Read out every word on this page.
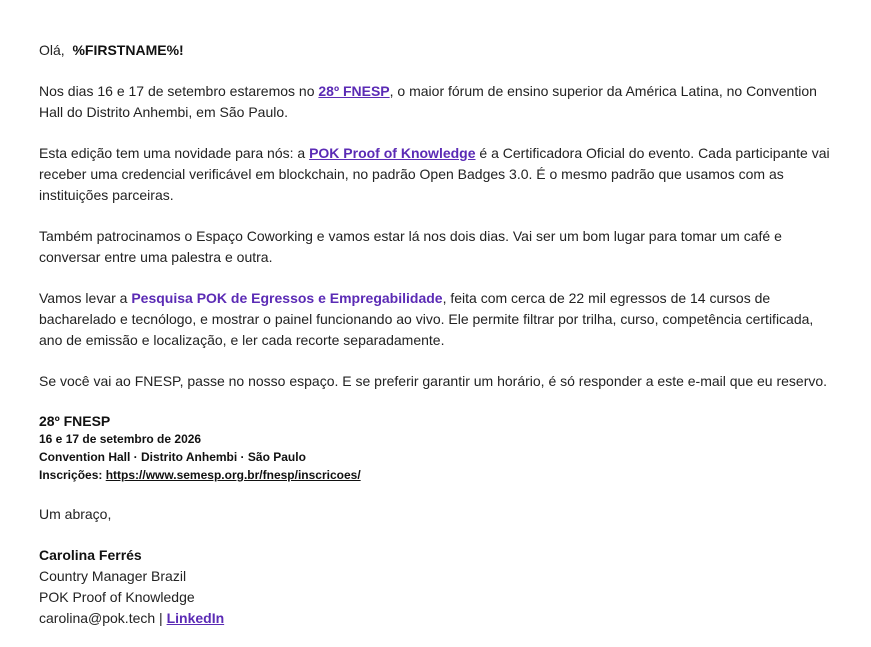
Olá, %FIRSTNAME%!

Nos dias 16 e 17 de setembro estaremos no 28º FNESP, o maior fórum de ensino superior da América Latina, no Convention Hall do Distrito Anhembi, em São Paulo.

Esta edição tem uma novidade para nós: a POK Proof of Knowledge é a Certificadora Oficial do evento. Cada participante vai receber uma credencial verificável em blockchain, no padrão Open Badges 3.0. É o mesmo padrão que usamos com as instituições parceiras.

Também patrocinamos o Espaço Coworking e vamos estar lá nos dois dias. Vai ser um bom lugar para tomar um café e conversar entre uma palestra e outra.

Vamos levar a Pesquisa POK de Egressos e Empregabilidade, feita com cerca de 22 mil egressos de 14 cursos de bacharelado e tecnólogo, e mostrar o painel funcionando ao vivo. Ele permite filtrar por trilha, curso, competência certificada, ano de emissão e localização, e ler cada recorte separadamente.

Se você vai ao FNESP, passe no nosso espaço. E se preferir garantir um horário, é só responder a este e-mail que eu reservo.

28º FNESP
16 e 17 de setembro de 2026
Convention Hall · Distrito Anhembi · São Paulo
Inscrições: https://www.semesp.org.br/fnesp/inscricoes/

Um abraço,

Carolina Ferrés

Country Manager Brazil

POK Proof of Knowledge

carolina@pok.tech | LinkedIn
